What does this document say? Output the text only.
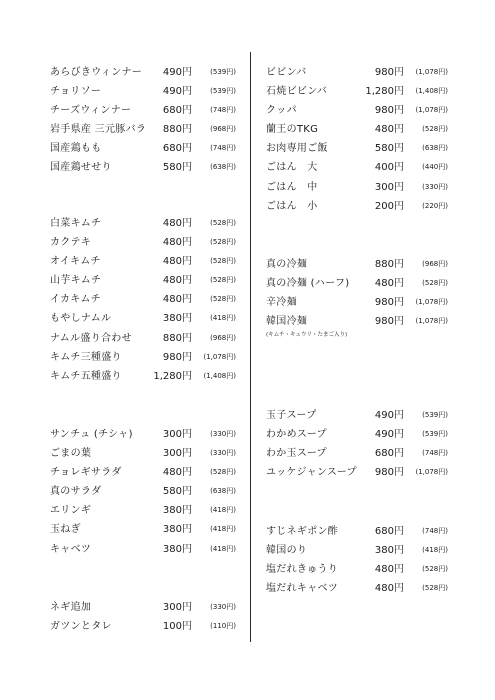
あらびきウィンナー 490円	(539円)
チョリソー	490円	(539円)
チーズウィンナー	680円	(748円)
岩手県産 三元豚バラ 880円	(968円)
国産鶏もも	680円	(748円)
国産鶏せせり	580円	(638円)
白菜キムチ	480円	(528円)
カクテキ	480円	(528円)
オイキムチ	480円	(528円)
山芋キムチ	480円	(528円)
イカキムチ	480円	(528円)
もやしナムル	380円	(418円)
ナムル盛り合わせ	880円	(968円)
キムチ三種盛り	980円	(1,078円)
キムチ五種盛り	1,280円	(1,408円)
サンチュ (チシャ)	300円	(330円)
ごまの葉	300円	(330円)
チョレギサラダ	480円	(528円)
真のサラダ	580円	(638円)
エリンギ	380円	(418円)
玉ねぎ	380円	(418円)
キャベツ	380円	(418円)
ネギ追加	300円	(330円)
ガツンとタレ	100円	(110円)
ビビンバ	980円	(1,078円)
石焼ビビンバ	1,280円	(1,408円)
クッパ	980円	(1,078円)
蘭王のTKG	480円	(528円)
お肉専用ご飯	580円	(638円)
ごはん　大	400円	(440円)
ごはん　中	300円	(330円)
ごはん　小	200円	(220円)
真の冷麺	880円	(968円)
真の冷麺 (ハーフ)	480円	(528円)
辛冷麺	980円	(1,078円)
韓国冷麺	980円	(1,078円)
(キムチ・キュウリ・たまご入り)
玉子スープ	490円	(539円)
わかめスープ	490円	(539円)
わか玉スープ	680円	(748円)
ユッケジャンスープ 980円	(1,078円)
すじネギポン酢	680円	(748円)
韓国のり	380円	(418円)
塩だれきゅうり	480円	(528円)
塩だれキャベツ	480円	(528円)
